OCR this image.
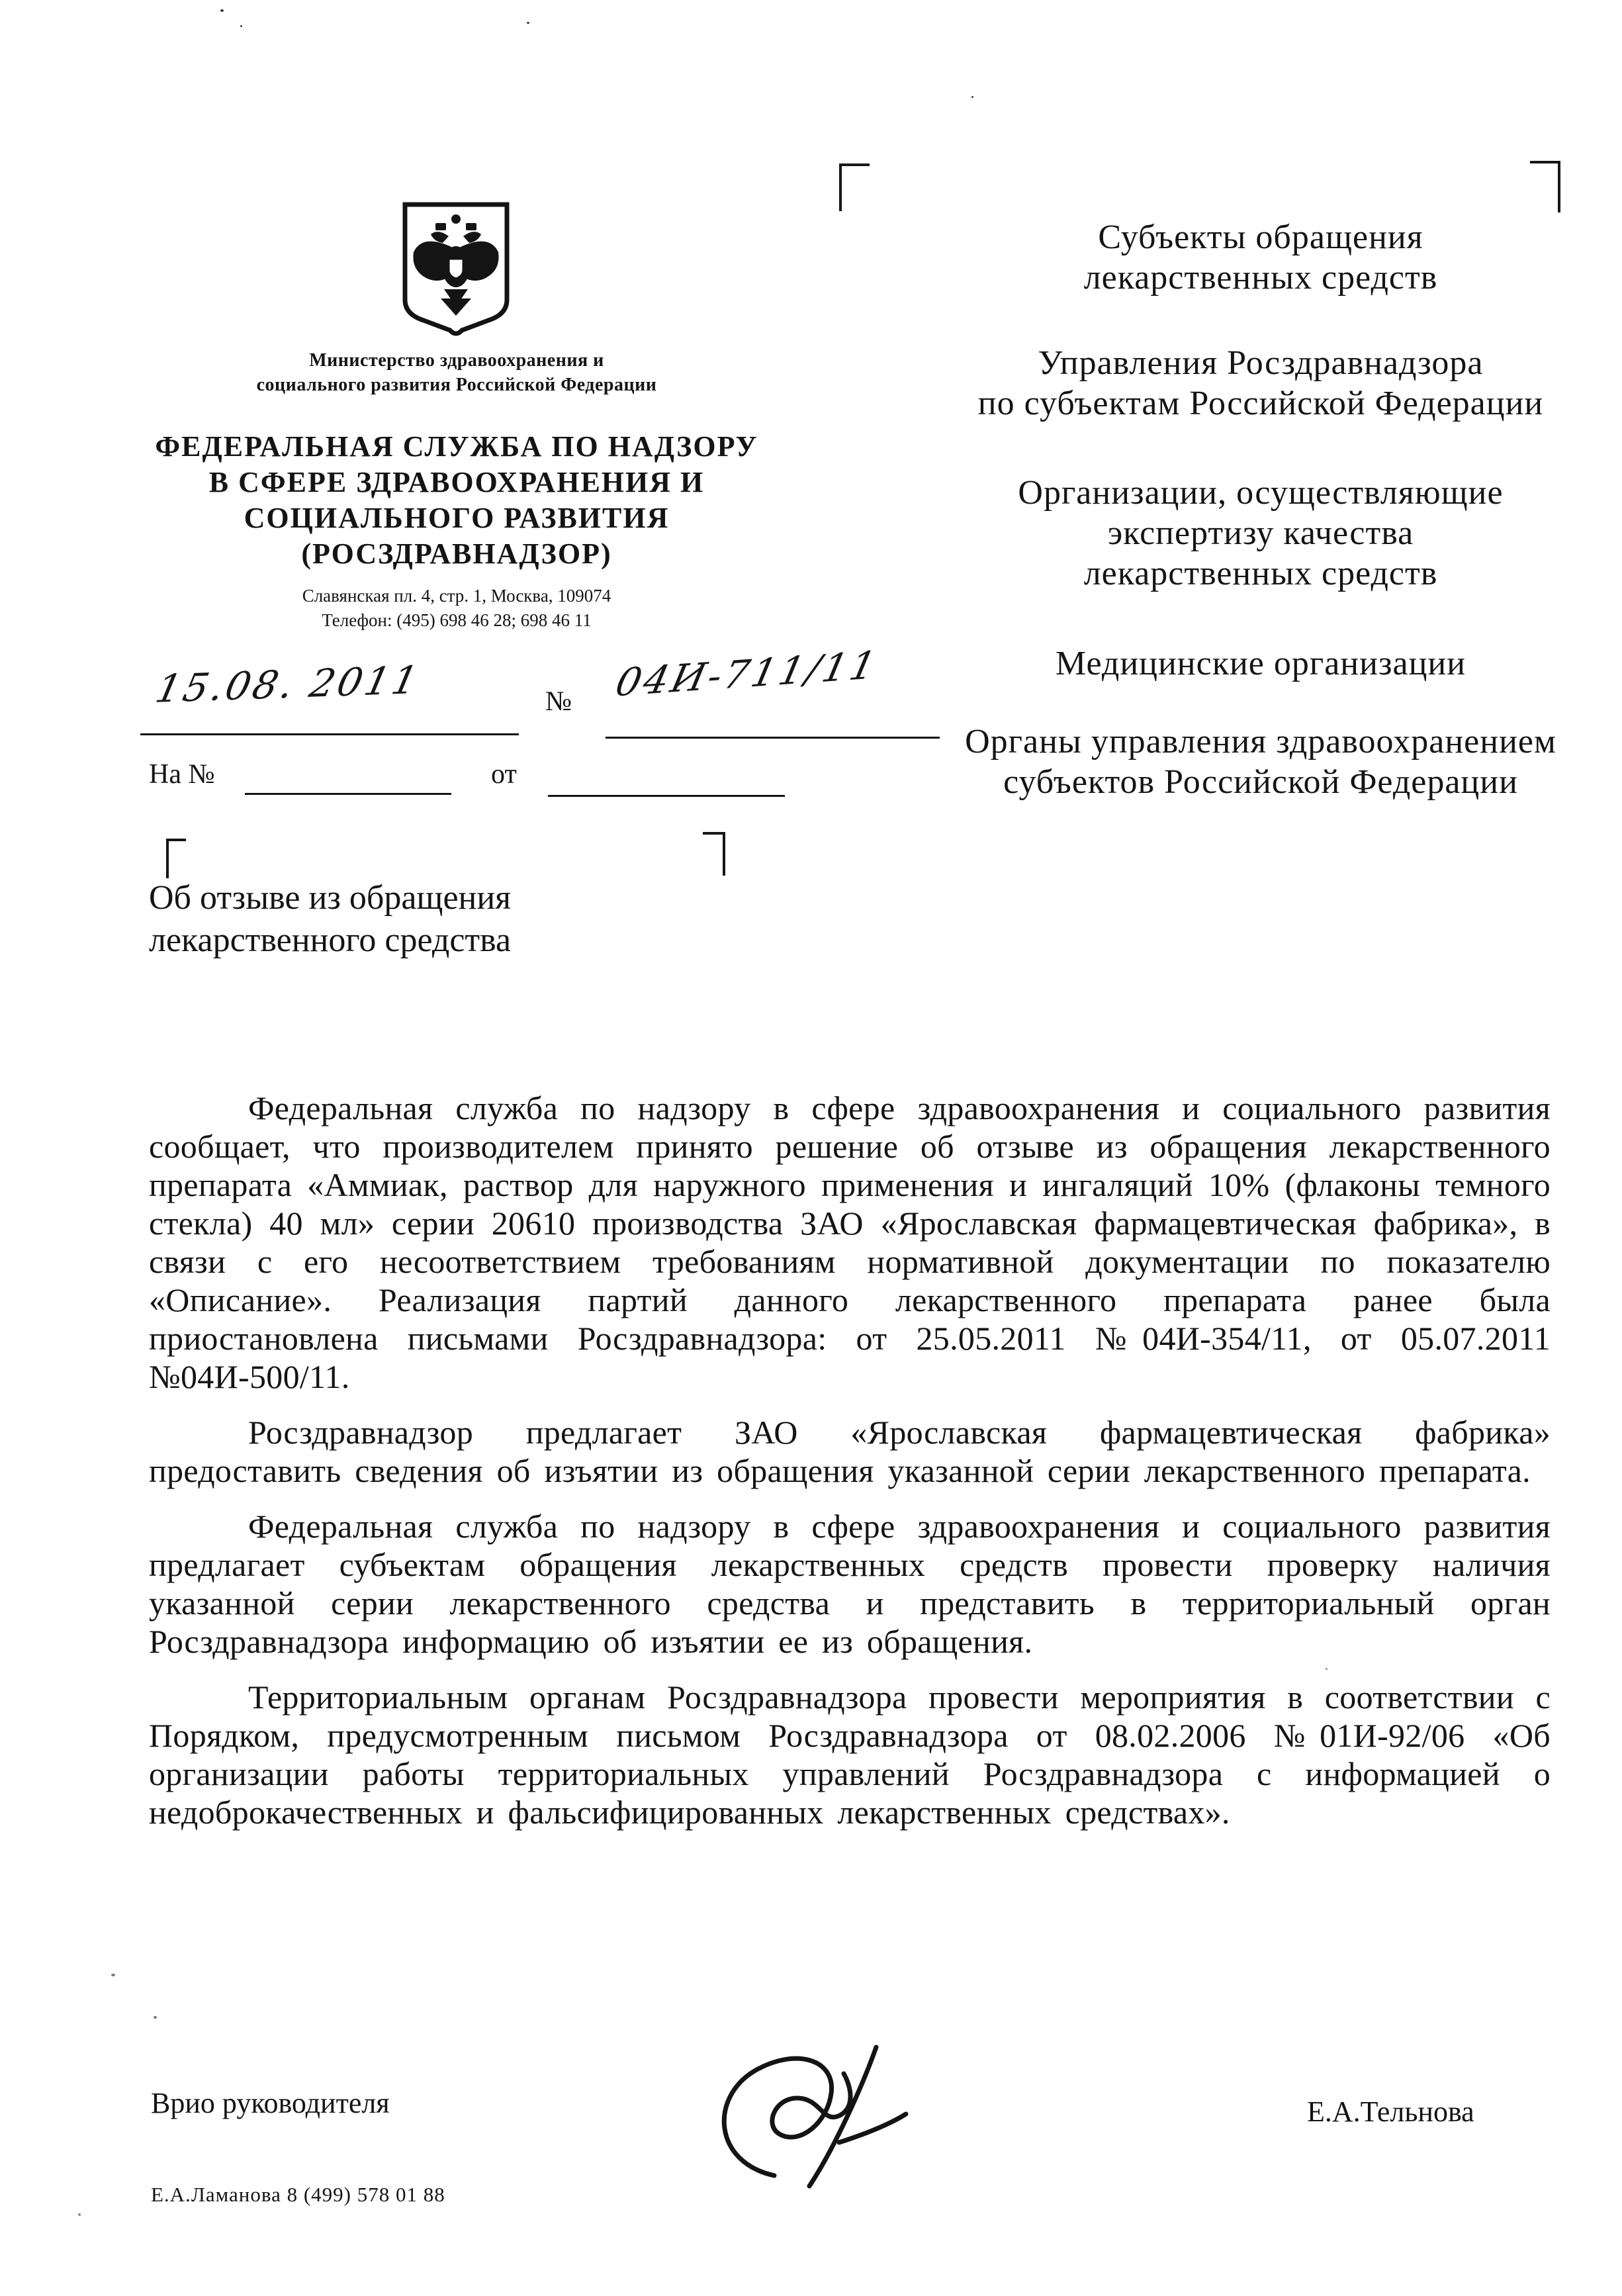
Министерство здравоохранения и
социального развития Российской Федерации
ФЕДЕРАЛЬНАЯ СЛУЖБА ПО НАДЗОРУ
В СФЕРЕ ЗДРАВООХРАНЕНИЯ И
СОЦИАЛЬНОГО РАЗВИТИЯ
(РОСЗДРАВНАДЗОР)
Славянская пл. 4, стр. 1, Москва, 109074
Телефон: (495) 698 46 28; 698 46 11
15.08. 2011	№ 04И-711/11
На №	от
Субъекты обращения
лекарственных средств
Управления Росздравнадзора
по субъектам Российской Федерации
Организации, осуществляющие
экспертизу качества
лекарственных средств
Медицинские организации
Органы управления здравоохранением
субъектов Российской Федерации
Об отзыве из обращения
лекарственного средства

Федеральная служба по надзору в сфере здравоохранения и социального развития сообщает, что производителем принято решение об отзыве из обращения лекарственного препарата «Аммиак, раствор для наружного применения и ингаляций 10% (флаконы темного стекла) 40 мл» серии 20610 производства ЗАО «Ярославская фармацевтическая фабрика», в связи с его несоответствием требованиям нормативной документации по показателю «Описание». Реализация партий данного лекарственного препарата ранее была приостановлена письмами Росздравнадзора: от 25.05.2011 №04И-354/11, от 05.07.2011 №04И-500/11.

Росздравнадзор предлагает ЗАО «Ярославская фармацевтическая фабрика» предоставить сведения об изъятии из обращения указанной серии лекарственного препарата.

Федеральная служба по надзору в сфере здравоохранения и социального развития предлагает субъектам обращения лекарственных средств провести проверку наличия указанной серии лекарственного средства и представить в территориальный орган Росздравнадзора информацию об изъятии ее из обращения.

Территориальным органам Росздравнадзора провести мероприятия в соответствии с Порядком, предусмотренным письмом Росздравнадзора от 08.02.2006 №01И-92/06 «Об организации работы территориальных управлений Росздравнадзора с информацией о недоброкачественных и фальсифицированных лекарственных средствах».

Врио руководителя	Е.А.Тельнова
Е.А.Ламанова 8 (499) 578 01 88
